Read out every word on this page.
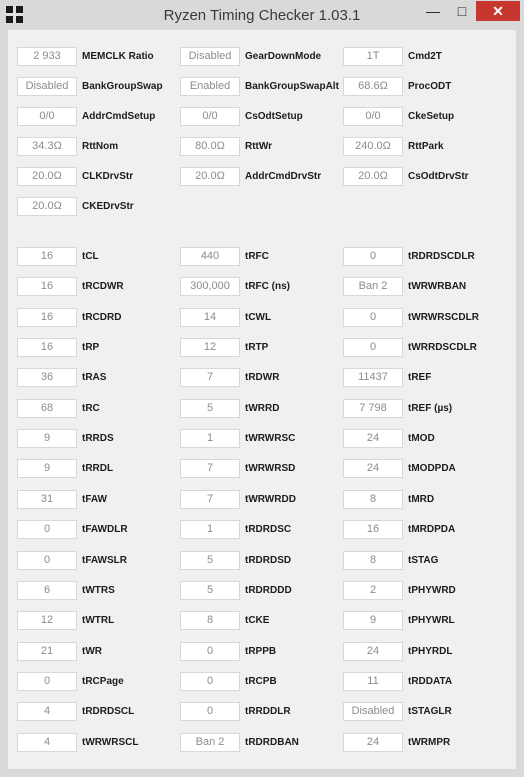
Ryzen Timing Checker 1.03.1	—	□	✕
2 933	MEMCLK Ratio	Disabled	GearDownMode	1T	Cmd2T
Disabled	BankGroupSwap	Enabled	BankGroupSwapAlt	68.6Ω	ProcODT
0/0	AddrCmdSetup	0/0	CsOdtSetup	0/0	CkeSetup
34.3Ω	RttNom	80.0Ω	RttWr	240.0Ω	RttPark
20.0Ω	CLKDrvStr	20.0Ω	AddrCmdDrvStr	20.0Ω	CsOdtDrvStr
20.0Ω	CKEDrvStr
16	tCL	440	tRFC	0	tRDRDSCDLR
16	tRCDWR	300,000	tRFC (ns)	Ban 2	tWRWRBAN
16	tRCDRD	14	tCWL	0	tWRWRSCDLR
16	tRP	12	tRTP	0	tWRRDSCDLR
36	tRAS	7	tRDWR	11437	tREF
68	tRC	5	tWRRD	7 798	tREF (µs)
9	tRRDS	1	tWRWRSC	24	tMOD
9	tRRDL	7	tWRWRSD	24	tMODPDA
31	tFAW	7	tWRWRDD	8	tMRD
0	tFAWDLR	1	tRDRDSC	16	tMRDPDA
0	tFAWSLR	5	tRDRDSD	8	tSTAG
6	tWTRS	5	tRDRDDD	2	tPHYWRD
12	tWTRL	8	tCKE	9	tPHYWRL
21	tWR	0	tRPPB	24	tPHYRDL
0	tRCPage	0	tRCPB	11	tRDDATA
4	tRDRDSCL	0	tRRDDLR	Disabled	tSTAGLR
4	tWRWRSCL	Ban 2	tRDRDBAN	24	tWRMPR
